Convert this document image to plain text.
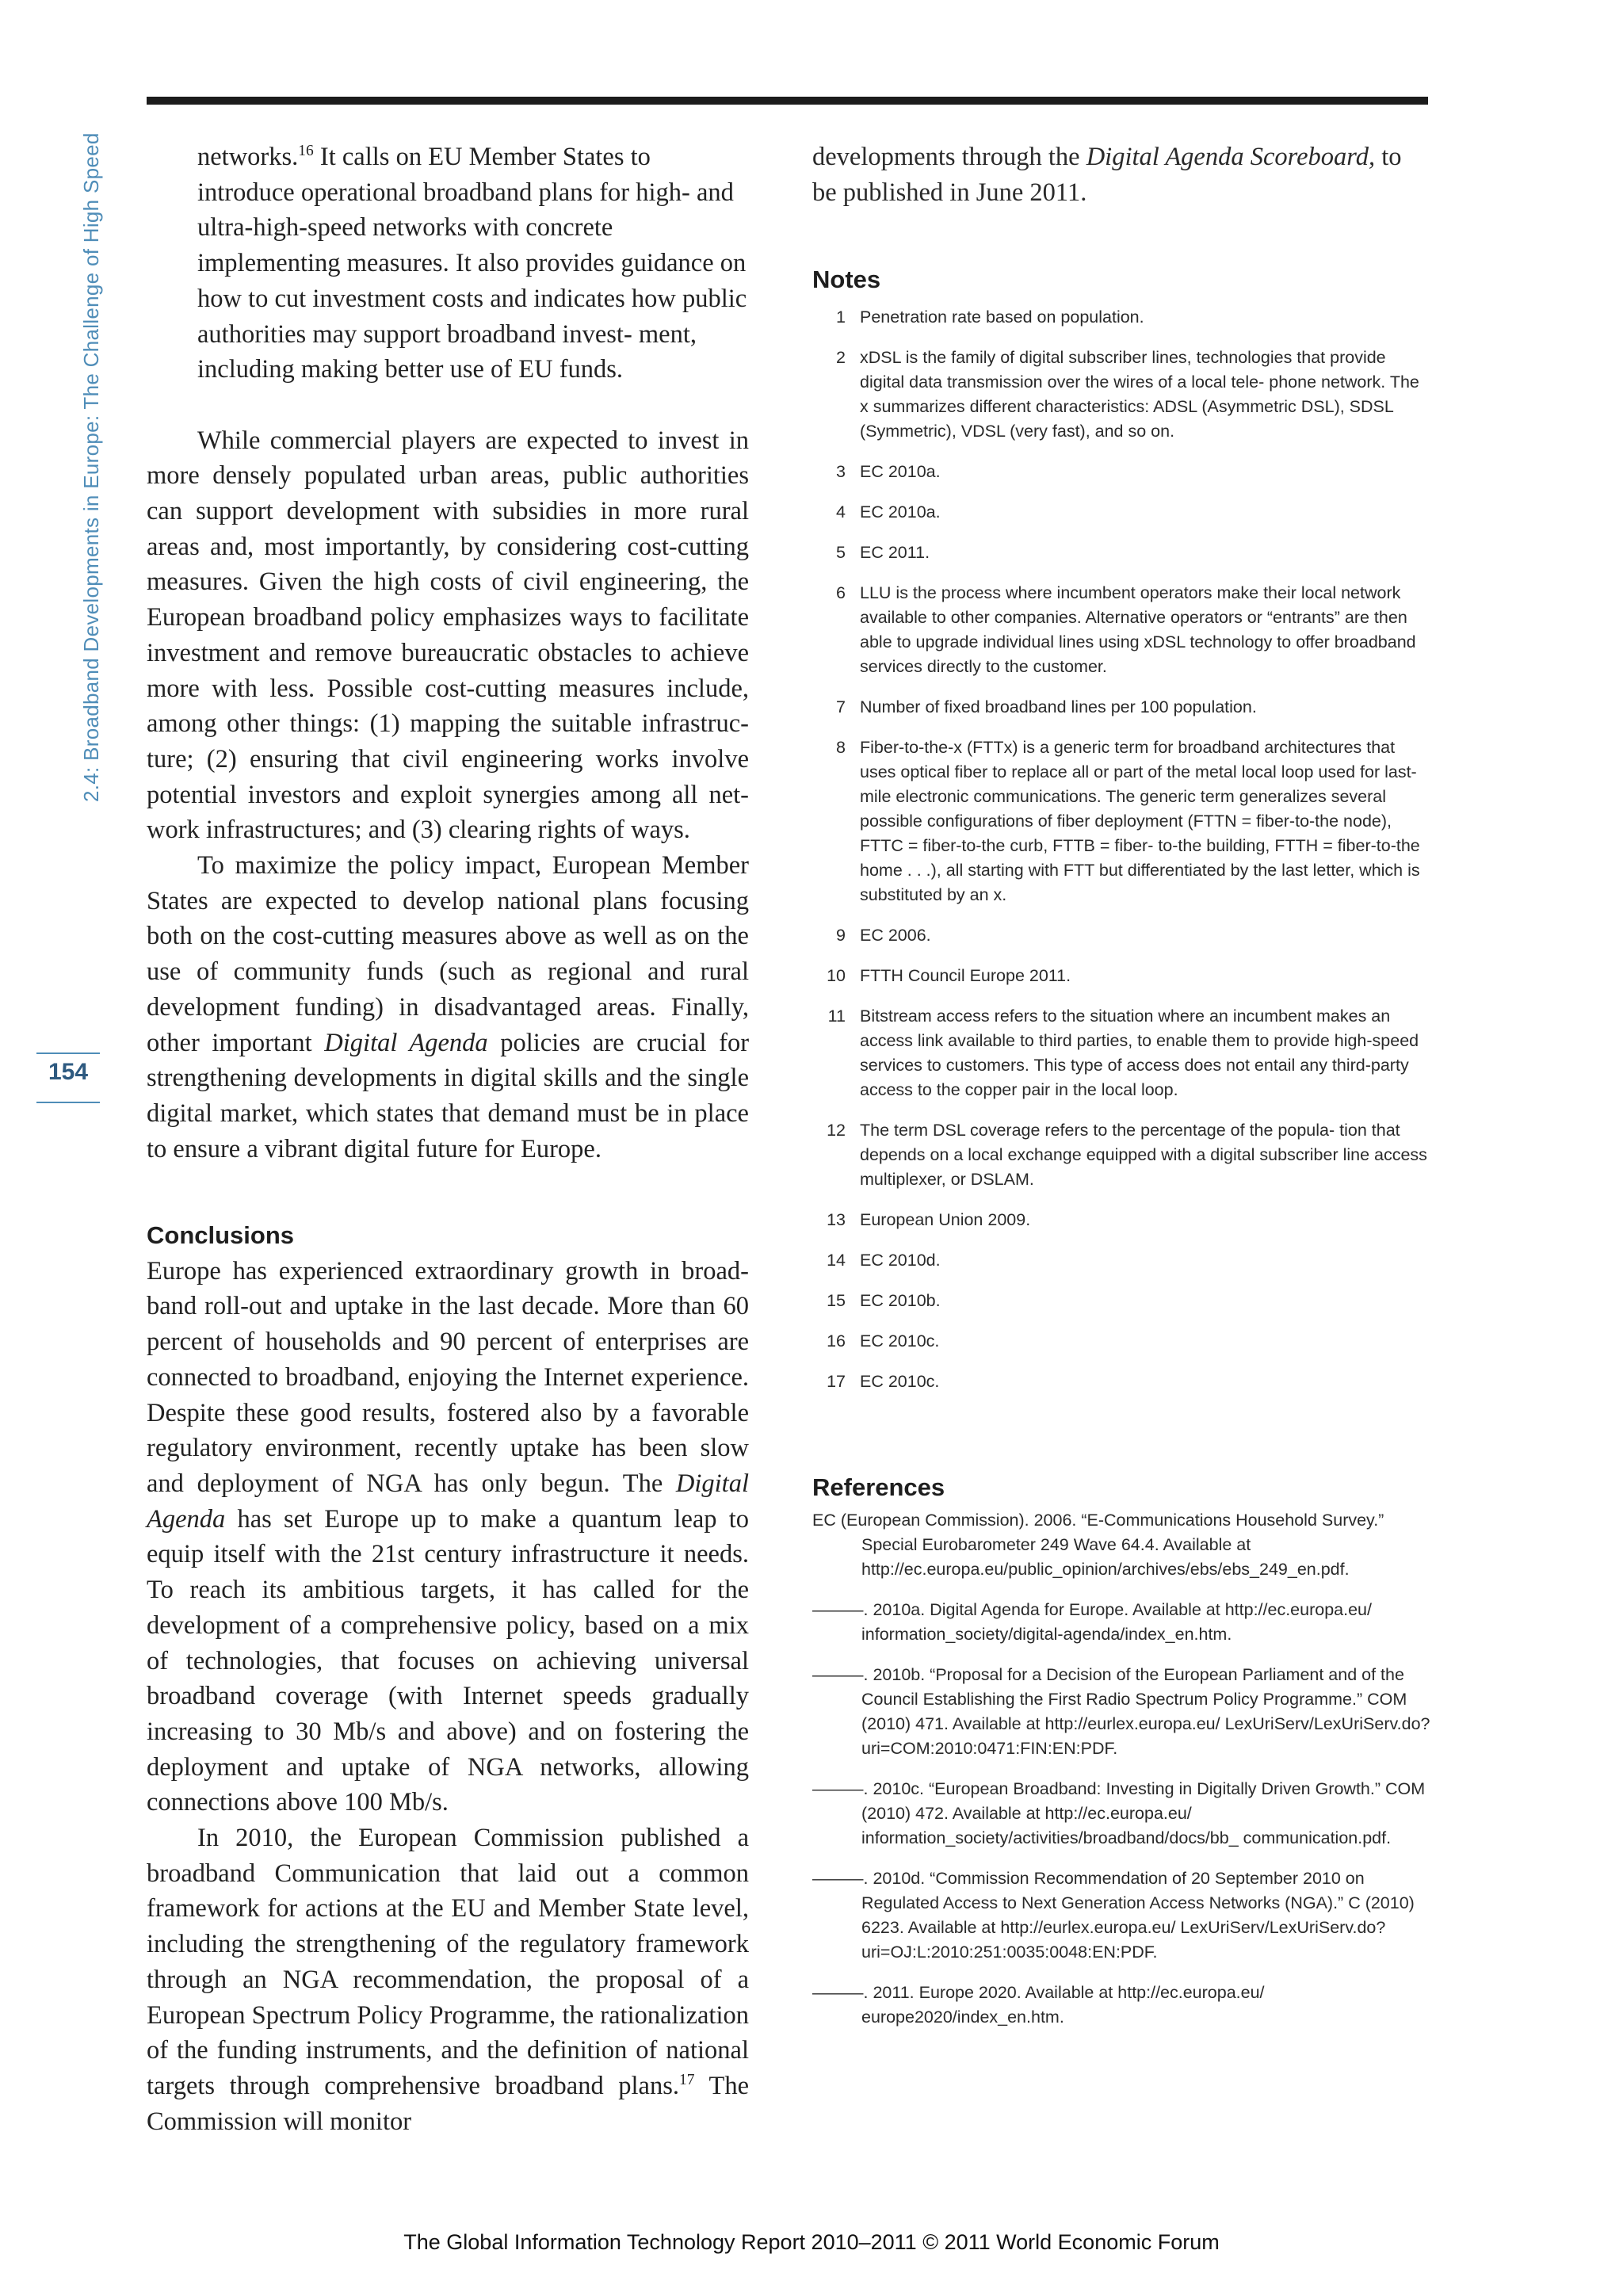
2.4: Broadband Developments in Europe: The Challenge of High Speed
154

networks.$^{16}$ It calls on EU Member States to introduce operational broadband plans for high- and ultra-high-speed networks with concrete implementing measures. It also provides guidance on how to cut investment costs and indicates how public authorities may support broadband invest- ment, including making better use of EU funds.

While commercial players are expected to invest in more densely populated urban areas, public authorities can support development with subsidies in more rural areas and, most importantly, by considering cost-cutting measures. Given the high costs of civil engineering, the European broadband policy emphasizes ways to facilitate investment and remove bureaucratic obstacles to achieve more with less. Possible cost-cutting measures include, among other things: (1) mapping the suitable infrastruc- ture; (2) ensuring that civil engineering works involve potential investors and exploit synergies among all net- work infrastructures; and (3) clearing rights of ways.

To maximize the policy impact, European Member States are expected to develop national plans focusing both on the cost-cutting measures above as well as on the use of community funds (such as regional and rural development funding) in disadvantaged areas. Finally, other important Digital Agenda policies are crucial for strengthening developments in digital skills and the single digital market, which states that demand must be in place to ensure a vibrant digital future for Europe.

Conclusions

Europe has experienced extraordinary growth in broad- band roll-out and uptake in the last decade. More than 60 percent of households and 90 percent of enterprises are connected to broadband, enjoying the Internet experience. Despite these good results, fostered also by a favorable regulatory environment, recently uptake has been slow and deployment of NGA has only begun. The Digital Agenda has set Europe up to make a quantum leap to equip itself with the 21st century infrastructure it needs. To reach its ambitious targets, it has called for the development of a comprehensive policy, based on a mix of technologies, that focuses on achieving universal broadband coverage (with Internet speeds gradually increasing to 30 Mb/s and above) and on fostering the deployment and uptake of NGA networks, allowing connections above 100 Mb/s.

In 2010, the European Commission published a broadband Communication that laid out a common framework for actions at the EU and Member State level, including the strengthening of the regulatory framework through an NGA recommendation, the proposal of a European Spectrum Policy Programme, the rationalization of the funding instruments, and the definition of national targets through comprehensive broadband plans.$^{17}$ The Commission will monitor

developments through the Digital Agenda Scoreboard, to be published in June 2011.

Notes
1 Penetration rate based on population.
2 xDSL is the family of digital subscriber lines, technologies that provide digital data transmission over the wires of a local tele- phone network. The x summarizes different characteristics: ADSL (Asymmetric DSL), SDSL (Symmetric), VDSL (very fast), and so on.
3 EC 2010a.
4 EC 2010a.
5 EC 2011.
6 LLU is the process where incumbent operators make their local network available to other companies. Alternative operators or “entrants” are then able to upgrade individual lines using xDSL technology to offer broadband services directly to the customer.
7 Number of fixed broadband lines per 100 population.
8 Fiber-to-the-x (FTTx) is a generic term for broadband architectures that uses optical fiber to replace all or part of the metal local loop used for last-mile electronic communications. The generic term generalizes several possible configurations of fiber deployment (FTTN = fiber-to-the node), FTTC = fiber-to-the curb, FTTB = fiber- to-the building, FTTH = fiber-to-the home . . .), all starting with FTT but differentiated by the last letter, which is substituted by an x.
9 EC 2006.
10 FTTH Council Europe 2011.
11 Bitstream access refers to the situation where an incumbent makes an access link available to third parties, to enable them to provide high-speed services to customers. This type of access does not entail any third-party access to the copper pair in the local loop.
12 The term DSL coverage refers to the percentage of the popula- tion that depends on a local exchange equipped with a digital subscriber line access multiplexer, or DSLAM.
13 European Union 2009.
14 EC 2010d.
15 EC 2010b.
16 EC 2010c.
17 EC 2010c.
References
EC (European Commission). 2006. “E-Communications Household Survey.” Special Eurobarometer 249 Wave 64.4. Available at http://ec.europa.eu/public_opinion/archives/ebs/ebs_249_en.pdf.
———. 2010a. Digital Agenda for Europe. Available at http://ec.europa.eu/ information_society/digital-agenda/index_en.htm.
———. 2010b. “Proposal for a Decision of the European Parliament and of the Council Establishing the First Radio Spectrum Policy Programme.” COM (2010) 471. Available at http://eurlex.europa.eu/ LexUriServ/LexUriServ.do?uri=COM:2010:0471:FIN:EN:PDF.
———. 2010c. “European Broadband: Investing in Digitally Driven Growth.” COM (2010) 472. Available at http://ec.europa.eu/ information_society/activities/broadband/docs/bb_ communication.pdf.
———. 2010d. “Commission Recommendation of 20 September 2010 on Regulated Access to Next Generation Access Networks (NGA).” C (2010) 6223. Available at http://eurlex.europa.eu/ LexUriServ/LexUriServ.do?uri=OJ:L:2010:251:0035:0048:EN:PDF.
———. 2011. Europe 2020. Available at http://ec.europa.eu/ europe2020/index_en.htm.
The Global Information Technology Report 2010–2011 © 2011 World Economic Forum
